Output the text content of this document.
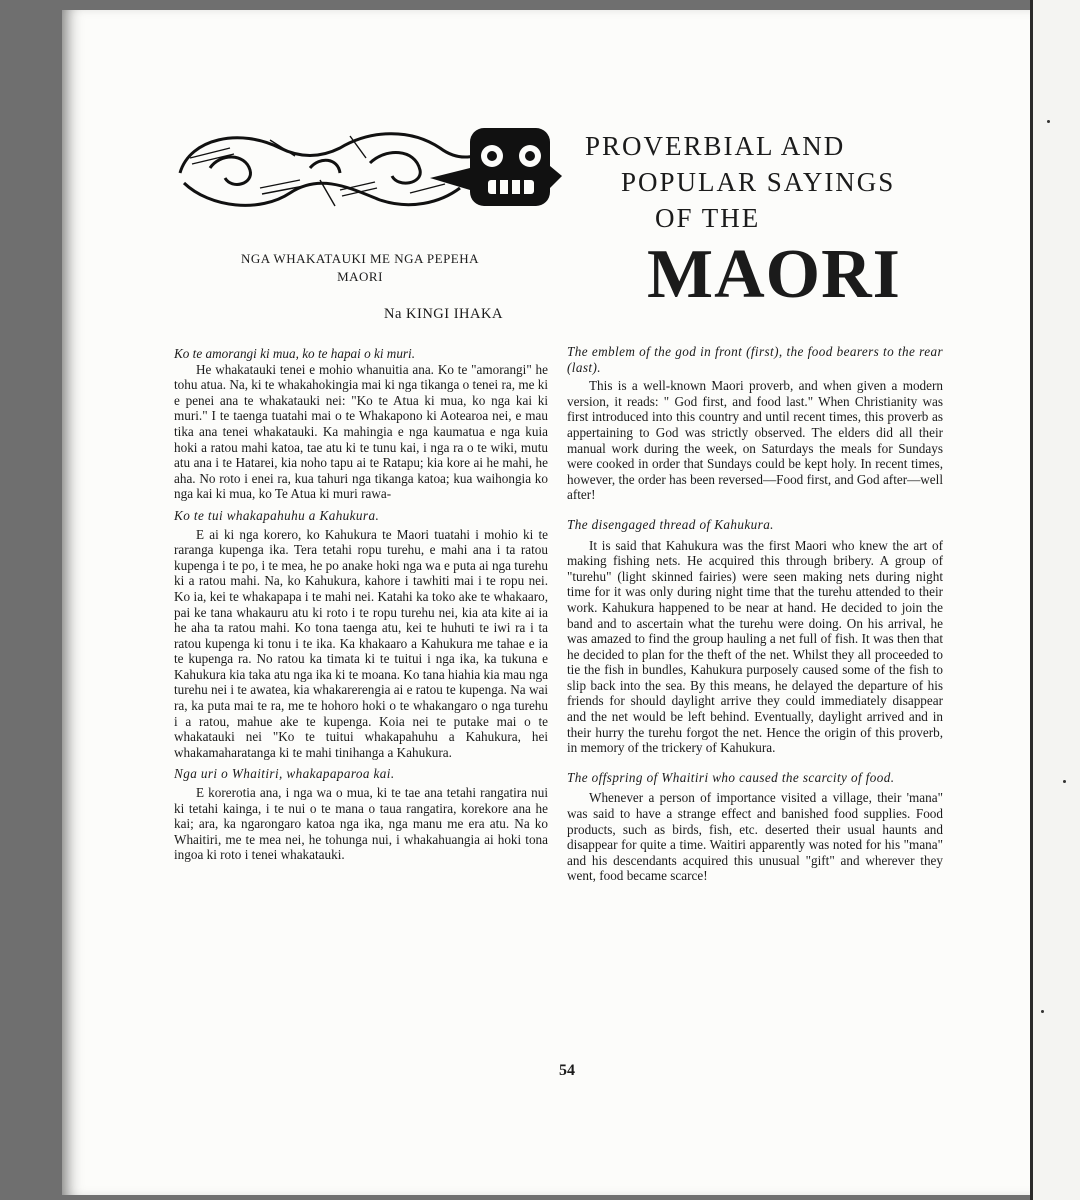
NGA WHAKATAUKI ME NGA PEPEHA
MAORI
Na KINGI IHAKA
PROVERBIAL AND
POPULAR SAYINGS
OF THE
MAORI

Ko te amorangi ki mua, ko te hapai o ki muri.

He whakatauki tenei e mohio whanuitia ana. Ko te "amorangi" he tohu atua. Na, ki te whakahokingia mai ki nga tikanga o tenei ra, me ki e penei ana te whakatauki nei: "Ko te Atua ki mua, ko nga kai ki muri." I te taenga tuatahi mai o te Whakapono ki Aotearoa nei, e mau tika ana tenei whakatauki. Ka mahingia e nga kaumatua e nga kuia hoki a ratou mahi katoa, tae atu ki te tunu kai, i nga ra o te wiki, mutu atu ana i te Hatarei, kia noho tapu ai te Ratapu; kia kore ai he mahi, he aha. No roto i enei ra, kua tahuri nga tikanga katoa; kua waihongia ko nga kai ki mua, ko Te Atua ki muri rawa-

Ko te tui whakapahuhu a Kahukura.

E ai ki nga korero, ko Kahukura te Maori tuatahi i mohio ki te raranga kupenga ika. Tera tetahi ropu turehu, e mahi ana i ta ratou kupenga i te po, i te mea, he po anake hoki nga wa e puta ai nga turehu ki a ratou mahi. Na, ko Kahukura, kahore i tawhiti mai i te ropu nei. Ko ia, kei te whakapapa i te mahi nei. Katahi ka toko ake te whakaaro, pai ke tana whakauru atu ki roto i te ropu turehu nei, kia ata kite ai ia he aha ta ratou mahi. Ko tona taenga atu, kei te huhuti te iwi ra i ta ratou kupenga ki tonu i te ika. Ka khakaaro a Kahukura me tahae e ia te kupenga ra. No ratou ka timata ki te tuitui i nga ika, ka tukuna e Kahukura kia taka atu nga ika ki te moana. Ko tana hiahia kia mau nga turehu nei i te awatea, kia whakarerengia ai e ratou te kupenga. Na wai ra, ka puta mai te ra, me te hohoro hoki o te whakangaro o nga turehu i a ratou, mahue ake te kupenga. Koia nei te putake mai o te whakatauki nei "Ko te tuitui whakapahuhu a Kahukura, hei whakamaharatanga ki te mahi tinihanga a Kahukura.

Nga uri o Whaitiri, whakapaparoa kai.

E korerotia ana, i nga wa o mua, ki te tae ana tetahi rangatira nui ki tetahi kainga, i te nui o te mana o taua rangatira, korekore ana he kai; ara, ka ngarongaro katoa nga ika, nga manu me era atu. Na ko Whaitiri, me te mea nei, he tohunga nui, i whakahuangia ai hoki tona ingoa ki roto i tenei whakatauki.

The emblem of the god in front (first), the food bearers to the rear (last).

This is a well-known Maori proverb, and when given a modern version, it reads: " God first, and food last." When Christianity was first introduced into this country and until recent times, this proverb as appertaining to God was strictly observed. The elders did all their manual work during the week, on Saturdays the meals for Sundays were cooked in order that Sundays could be kept holy. In recent times, however, the order has been reversed—Food first, and God after—well after!

The disengaged thread of Kahukura.

It is said that Kahukura was the first Maori who knew the art of making fishing nets. He acquired this through bribery. A group of "turehu" (light skinned fairies) were seen making nets during night time for it was only during night time that the turehu attended to their work. Kahukura happened to be near at hand. He decided to join the band and to ascertain what the turehu were doing. On his arrival, he was amazed to find the group hauling a net full of fish. It was then that he decided to plan for the theft of the net. Whilst they all proceeded to tie the fish in bundles, Kahukura purposely caused some of the fish to slip back into the sea. By this means, he delayed the departure of his friends for should daylight arrive they could immediately disappear and the net would be left behind. Eventually, daylight arrived and in their hurry the turehu forgot the net. Hence the origin of this proverb, in memory of the trickery of Kahukura.

The offspring of Whaitiri who caused the scarcity of food.

Whenever a person of importance visited a village, their 'mana" was said to have a strange effect and banished food supplies. Food products, such as birds, fish, etc. deserted their usual haunts and disappear for quite a time. Waitiri apparently was noted for his "mana" and his descendants acquired this unusual "gift" and wherever they went, food became scarce!

54
